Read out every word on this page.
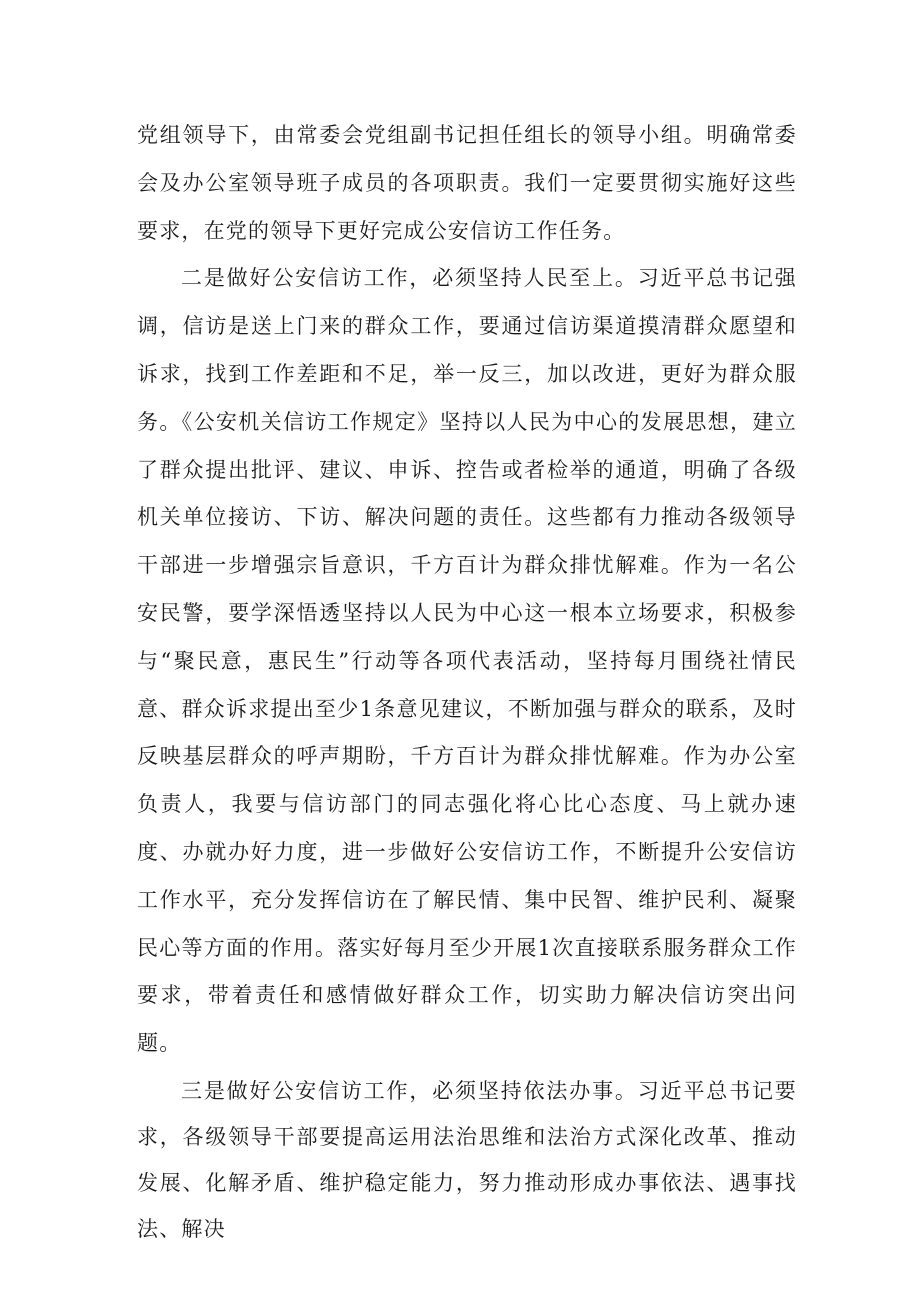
党组领导下，由常委会党组副书记担任组长的领导小组。明确常委会及办公室领导班子成员的各项职责。我们一定要贯彻实施好这些要求，在党的领导下更好完成公安信访工作任务。

二是做好公安信访工作，必须坚持人民至上。习近平总书记强调，信访是送上门来的群众工作，要通过信访渠道摸清群众愿望和诉求，找到工作差距和不足，举一反三，加以改进，更好为群众服务。《公安机关信访工作规定》坚持以人民为中心的发展思想，建立了群众提出批评、建议、申诉、控告或者检举的通道，明确了各级机关单位接访、下访、解决问题的责任。这些都有力推动各级领导干部进一步增强宗旨意识，千方百计为群众排忧解难。作为一名公安民警，要学深悟透坚持以人民为中心这一根本立场要求，积极参与“聚民意，惠民生”行动等各项代表活动，坚持每月围绕社情民意、群众诉求提出至少1条意见建议，不断加强与群众的联系，及时反映基层群众的呼声期盼，千方百计为群众排忧解难。作为办公室负责人，我要与信访部门的同志强化将心比心态度、马上就办速度、办就办好力度，进一步做好公安信访工作，不断提升公安信访工作水平，充分发挥信访在了解民情、集中民智、维护民利、凝聚民心等方面的作用。落实好每月至少开展1次直接联系服务群众工作要求，带着责任和感情做好群众工作，切实助力解决信访突出问题。

三是做好公安信访工作，必须坚持依法办事。习近平总书记要求，各级领导干部要提高运用法治思维和法治方式深化改革、推动发展、化解矛盾、维护稳定能力，努力推动形成办事依法、遇事找法、解决
